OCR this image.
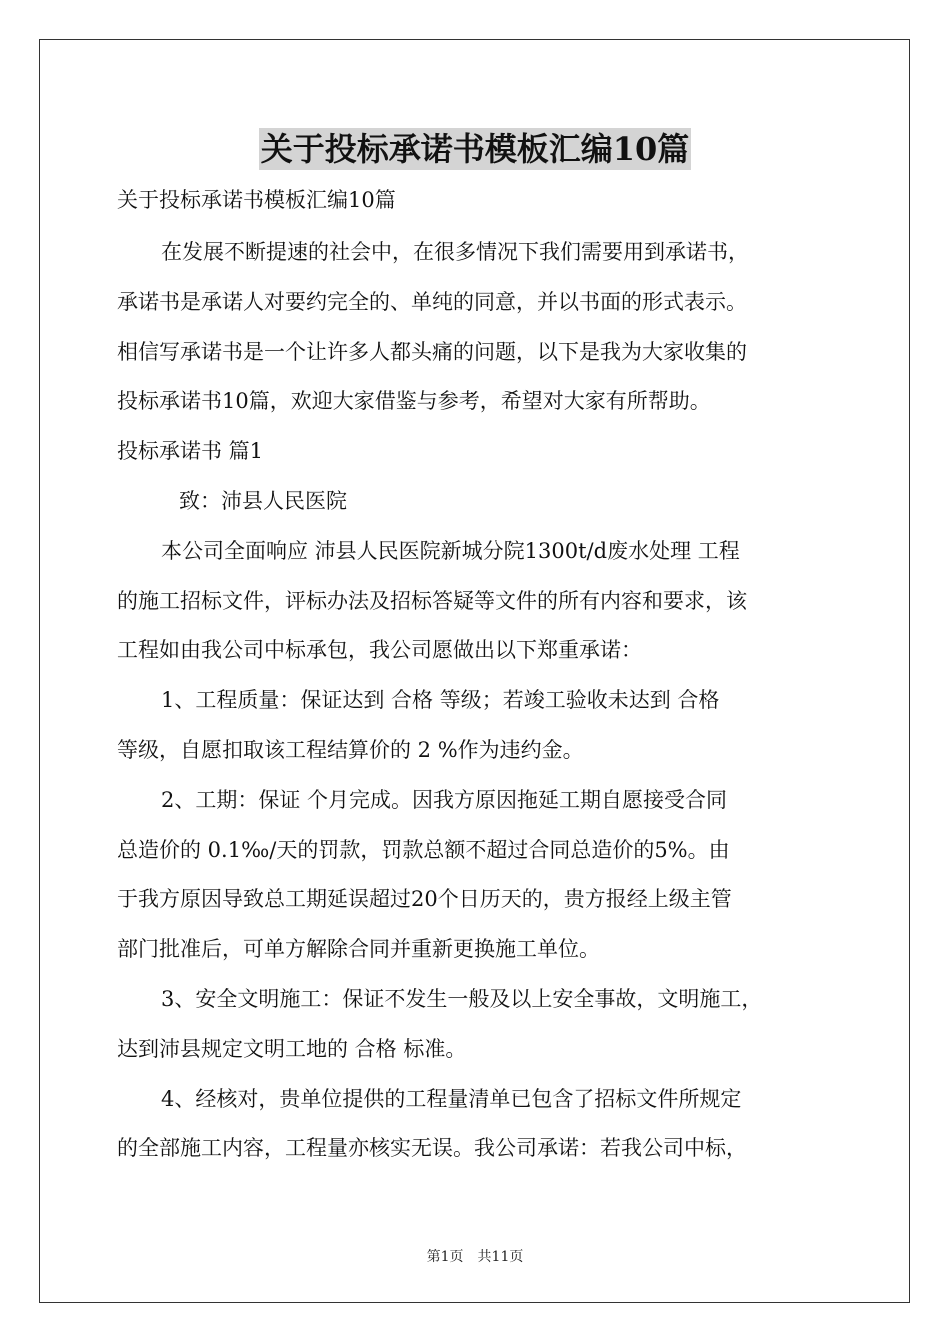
关于投标承诺书模板汇编10篇
关于投标承诺书模板汇编10篇
在发展不断提速的社会中，在很多情况下我们需要用到承诺书，
承诺书是承诺人对要约完全的、单纯的同意，并以书面的形式表示。
相信写承诺书是一个让许多人都头痛的问题，以下是我为大家收集的
投标承诺书10篇，欢迎大家借鉴与参考，希望对大家有所帮助。
投标承诺书 篇1
致：沛县人民医院
本公司全面响应 沛县人民医院新城分院1300t/d废水处理 工程
的施工招标文件，评标办法及招标答疑等文件的所有内容和要求，该
工程如由我公司中标承包，我公司愿做出以下郑重承诺：
1、工程质量：保证达到 合格 等级；若竣工验收未达到 合格
等级，自愿扣取该工程结算价的 2 %作为违约金。
2、工期：保证 个月完成。因我方原因拖延工期自愿接受合同
总造价的 0.1‰/天的罚款，罚款总额不超过合同总造价的5%。由
于我方原因导致总工期延误超过20个日历天的，贵方报经上级主管
部门批准后，可单方解除合同并重新更换施工单位。
3、安全文明施工：保证不发生一般及以上安全事故，文明施工，
达到沛县规定文明工地的 合格 标准。
4、经核对，贵单位提供的工程量清单已包含了招标文件所规定
的全部施工内容，工程量亦核实无误。我公司承诺：若我公司中标，
第1页 共11页
